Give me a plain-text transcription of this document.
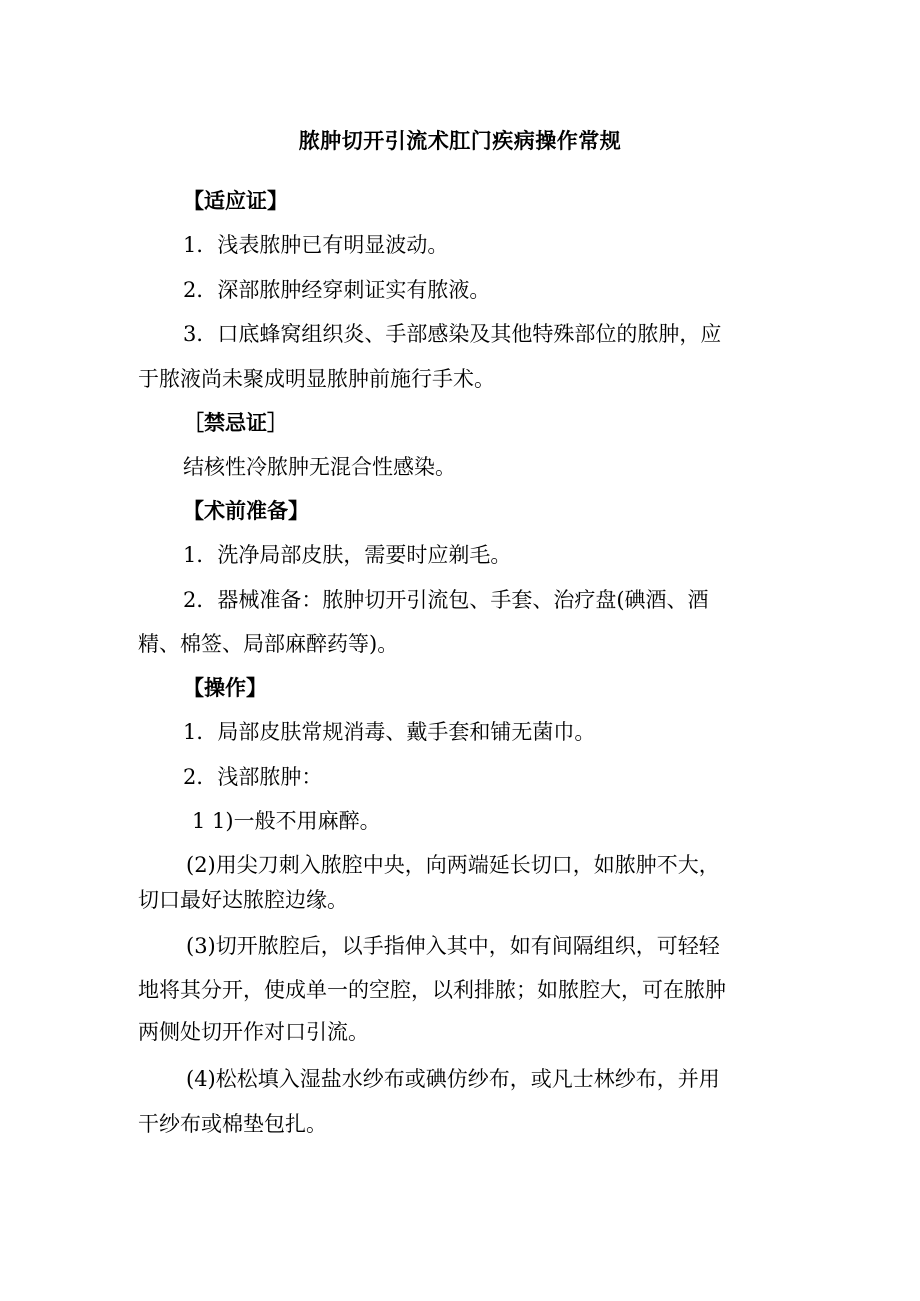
脓肿切开引流术肛门疾病操作常规
【适应证】
1．浅表脓肿已有明显波动。
2．深部脓肿经穿刺证实有脓液。
3．口底蜂窝组织炎、手部感染及其他特殊部位的脓肿，应
于脓液尚未聚成明显脓肿前施行手术。
［禁忌证］
结核性冷脓肿无混合性感染。
【术前准备】
1．洗净局部皮肤，需要时应剃毛。
2．器械准备：脓肿切开引流包、手套、治疗盘(碘酒、酒
精、棉签、局部麻醉药等)。
【操作】
1．局部皮肤常规消毒、戴手套和铺无菌巾。
2．浅部脓肿：
1 1)一般不用麻醉。
(2)用尖刀刺入脓腔中央，向两端延长切口，如脓肿不大，
切口最好达脓腔边缘。
(3)切开脓腔后，以手指伸入其中，如有间隔组织，可轻轻
地将其分开，使成单一的空腔，以利排脓；如脓腔大，可在脓肿
两侧处切开作对口引流。
(4)松松填入湿盐水纱布或碘仿纱布，或凡士林纱布，并用
干纱布或棉垫包扎。
